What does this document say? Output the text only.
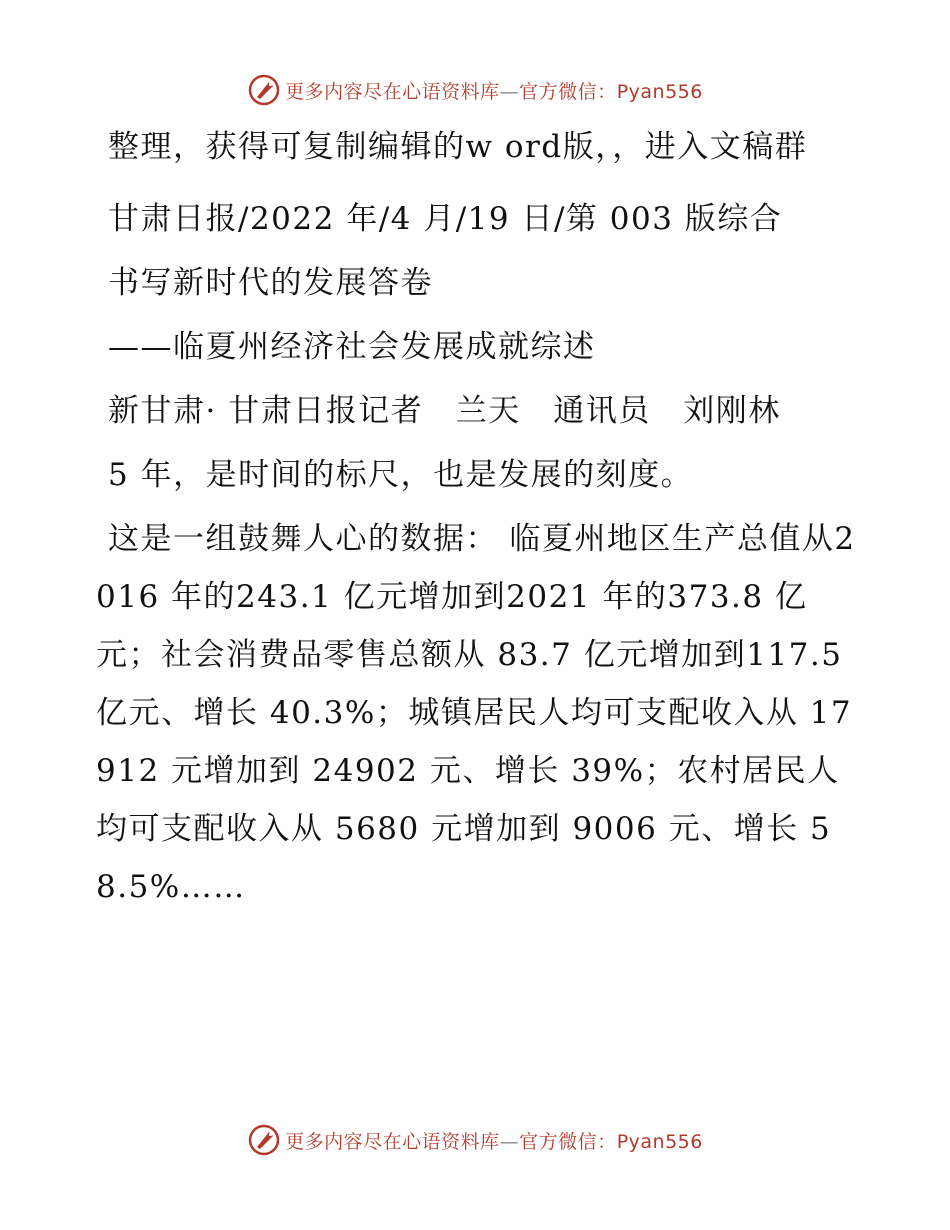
更多内容尽在心语资料库—官方微信：Pyan556

整理，获得可复制编辑的w ord版，，进入文稿群

甘肃日报/2022 年/4 月/19 日/第 003 版综合

书写新时代的发展答卷

——临夏州经济社会发展成就综述

新甘肃· 甘肃日报记者　兰天　通讯员　刘刚林

5 年，是时间的标尺，也是发展的刻度。

这是一组鼓舞人心的数据： 临夏州地区生产总值从2016 年的243.1 亿元增加到2021 年的373.8 亿元；社会消费品零售总额从 83.7 亿元增加到117.5 亿元、增长 40.3%；城镇居民人均可支配收入从 17912 元增加到 24902 元、增长 39%；农村居民人均可支配收入从 5680 元增加到 9006 元、增长 58.5%……

更多内容尽在心语资料库—官方微信：Pyan556
